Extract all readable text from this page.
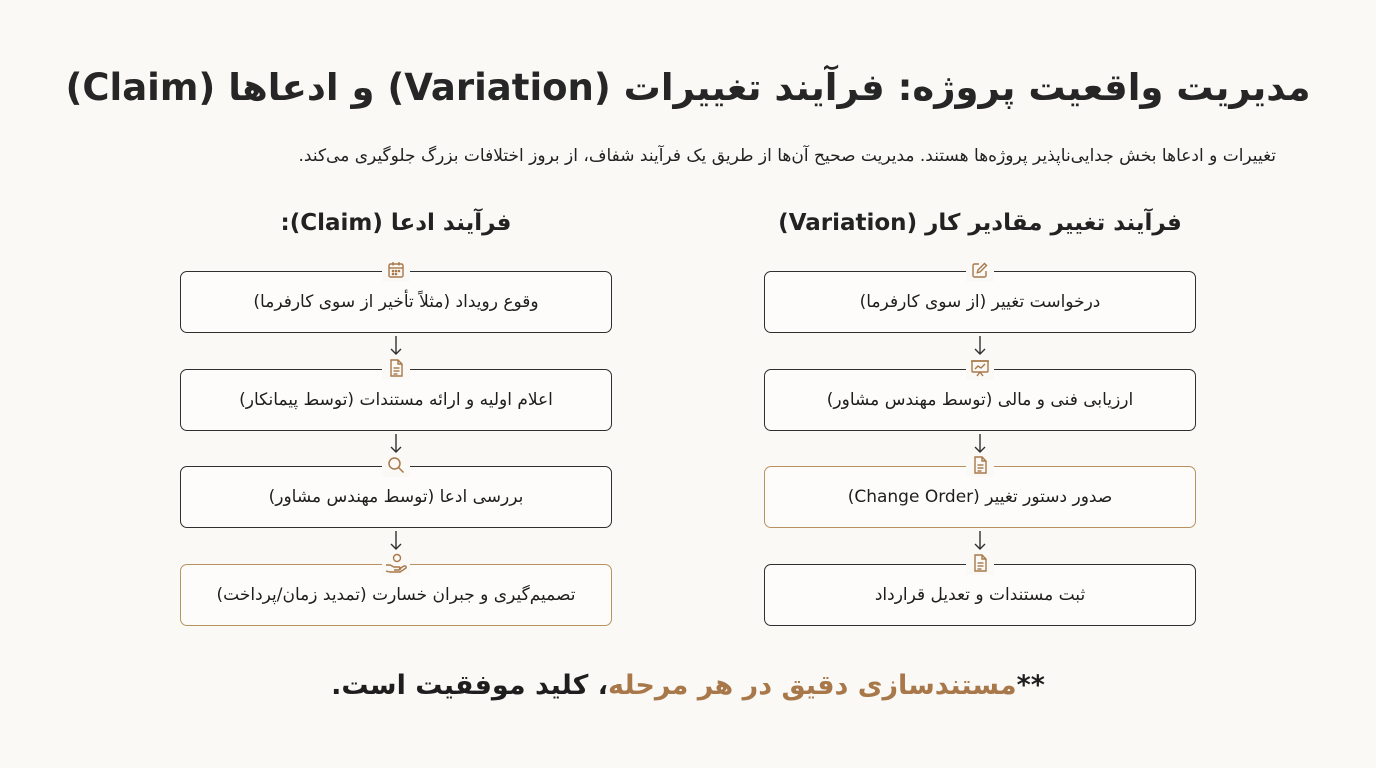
مدیریت واقعیت پروژه: فرآیند تغییرات (Variation) و ادعاها (Claim)

تغییرات و ادعاها بخش جدایی‌ناپذیر پروژه‌ها هستند. مدیریت صحیح آن‌ها از طریق یک فرآیند شفاف، از بروز اختلافات بزرگ جلوگیری می‌کند.

فرآیند تغییر مقادیر کار (Variation)
درخواست تغییر (از سوی کارفرما)
ارزیابی فنی و مالی (توسط مهندس مشاور)
صدور دستور تغییر (Change Order)
ثبت مستندات و تعدیل قرارداد
فرآیند ادعا (Claim):
وقوع رویداد (مثلاً تأخیر از سوی کارفرما)
اعلام اولیه و ارائه مستندات (توسط پیمانکار)
بررسی ادعا (توسط مهندس مشاور)
تصمیم‌گیری و جبران خسارت (تمدید زمان/پرداخت)
**مستندسازی دقیق در هر مرحله، کلید موفقیت است.
